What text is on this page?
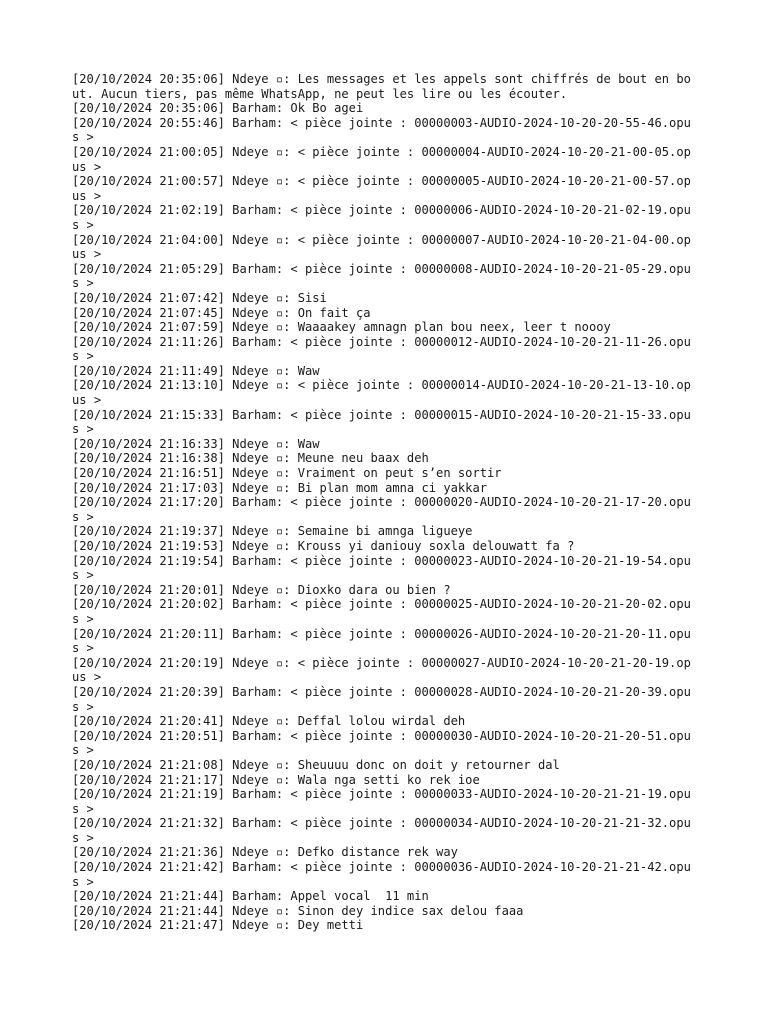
[20/10/2024 20:35:06] Ndeye ▫: Les messages et les appels sont chiffrés de bout en bout. Aucun tiers, pas même WhatsApp, ne peut les lire ou les écouter.
[20/10/2024 20:35:06] Barham: Ok Bo agei
[20/10/2024 20:55:46] Barham: < pièce jointe : 00000003-AUDIO-2024-10-20-20-55-46.opus >
[20/10/2024 21:00:05] Ndeye ▫: < pièce jointe : 00000004-AUDIO-2024-10-20-21-00-05.opus >
[20/10/2024 21:00:57] Ndeye ▫: < pièce jointe : 00000005-AUDIO-2024-10-20-21-00-57.opus >
[20/10/2024 21:02:19] Barham: < pièce jointe : 00000006-AUDIO-2024-10-20-21-02-19.opus >
[20/10/2024 21:04:00] Ndeye ▫: < pièce jointe : 00000007-AUDIO-2024-10-20-21-04-00.opus >
[20/10/2024 21:05:29] Barham: < pièce jointe : 00000008-AUDIO-2024-10-20-21-05-29.opus >
[20/10/2024 21:07:42] Ndeye ▫: Sisi
[20/10/2024 21:07:45] Ndeye ▫: On fait ça
[20/10/2024 21:07:59] Ndeye ▫: Waaaakey amnagn plan bou neex, leer t noooy
[20/10/2024 21:11:26] Barham: < pièce jointe : 00000012-AUDIO-2024-10-20-21-11-26.opus >
[20/10/2024 21:11:49] Ndeye ▫: Waw
[20/10/2024 21:13:10] Ndeye ▫: < pièce jointe : 00000014-AUDIO-2024-10-20-21-13-10.opus >
[20/10/2024 21:15:33] Barham: < pièce jointe : 00000015-AUDIO-2024-10-20-21-15-33.opus >
[20/10/2024 21:16:33] Ndeye ▫: Waw
[20/10/2024 21:16:38] Ndeye ▫: Meune neu baax deh
[20/10/2024 21:16:51] Ndeye ▫: Vraiment on peut s’en sortir
[20/10/2024 21:17:03] Ndeye ▫: Bi plan mom amna ci yakkar
[20/10/2024 21:17:20] Barham: < pièce jointe : 00000020-AUDIO-2024-10-20-21-17-20.opus >
[20/10/2024 21:19:37] Ndeye ▫: Semaine bi amnga ligueye
[20/10/2024 21:19:53] Ndeye ▫: Krouss yi daniouy soxla delouwatt fa ?
[20/10/2024 21:19:54] Barham: < pièce jointe : 00000023-AUDIO-2024-10-20-21-19-54.opus >
[20/10/2024 21:20:01] Ndeye ▫: Dioxko dara ou bien ?
[20/10/2024 21:20:02] Barham: < pièce jointe : 00000025-AUDIO-2024-10-20-21-20-02.opus >
[20/10/2024 21:20:11] Barham: < pièce jointe : 00000026-AUDIO-2024-10-20-21-20-11.opus >
[20/10/2024 21:20:19] Ndeye ▫: < pièce jointe : 00000027-AUDIO-2024-10-20-21-20-19.opus >
[20/10/2024 21:20:39] Barham: < pièce jointe : 00000028-AUDIO-2024-10-20-21-20-39.opus >
[20/10/2024 21:20:41] Ndeye ▫: Deffal lolou wirdal deh
[20/10/2024 21:20:51] Barham: < pièce jointe : 00000030-AUDIO-2024-10-20-21-20-51.opus >
[20/10/2024 21:21:08] Ndeye ▫: Sheuuuu donc on doit y retourner dal
[20/10/2024 21:21:17] Ndeye ▫: Wala nga setti ko rek ioe
[20/10/2024 21:21:19] Barham: < pièce jointe : 00000033-AUDIO-2024-10-20-21-21-19.opus >
[20/10/2024 21:21:32] Barham: < pièce jointe : 00000034-AUDIO-2024-10-20-21-21-32.opus >
[20/10/2024 21:21:36] Ndeye ▫: Defko distance rek way
[20/10/2024 21:21:42] Barham: < pièce jointe : 00000036-AUDIO-2024-10-20-21-21-42.opus >
[20/10/2024 21:21:44] Barham: Appel vocal  11 min
[20/10/2024 21:21:44] Ndeye ▫: Sinon dey indice sax delou faaa
[20/10/2024 21:21:47] Ndeye ▫: Dey metti
